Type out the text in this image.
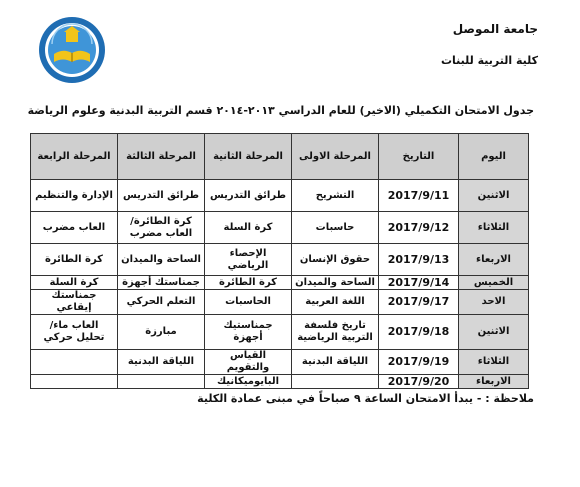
جامعة الموصل
كلية التربية للبنات
جدول الامتحان التكميلي (الاخير) للعام الدراسي ٢٠١٣-٢٠١٤ قسم التربية البدنية وعلوم الرياضة
اليوم	التاريخ	المرحلة الاولى	المرحلة الثانية	المرحلة الثالثة	المرحلة الرابعة
الاثنين	2017/9/11	التشريح	طرائق التدريس	طرائق التدريس	الإدارة والتنظيم
الثلاثاء	2017/9/12	حاسبات	كرة السلة	كرة الطائرة/ العاب مضرب	العاب مضرب
الاربعاء	2017/9/13	حقوق الإنسان	الإحصاء الرياضي	الساحة والميدان	كرة الطائرة
الخميس	2017/9/14	الساحة والميدان	كرة الطائرة	جمناستك أجهزة	كرة السلة
الاحد	2017/9/17	اللغة العربية	الحاسبات	التعلم الحركي	جمناستك إيقاعي
الاثنين	2017/9/18	تاريخ فلسفة التربية الرياضية	جمناستيك أجهزة	مبارزة	العاب ماء/ تحليل حركي
الثلاثاء	2017/9/19	اللياقة البدنية	القياس والتقويم	اللياقة البدنية	
الاربعاء	2017/9/20		البايوميكانيك		
ملاحظة : - يبدأ الامتحان الساعة ٩ صباحاً في مبنى عمادة الكلية
